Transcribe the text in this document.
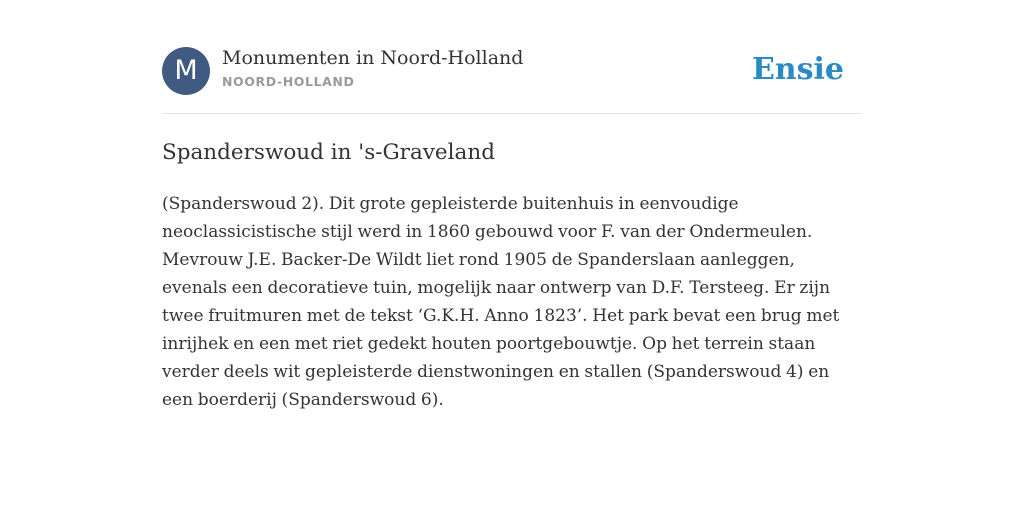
M	Monumenten in Noord-Holland
NOORD-HOLLAND	Ensie
Spanderswoud in 's-Graveland

(Spanderswoud 2). Dit grote gepleisterde buitenhuis in eenvoudige neoclassicistische stijl werd in 1860 gebouwd voor F. van der Ondermeulen. Mevrouw J.E. Backer-De Wildt liet rond 1905 de Spanderslaan aanleggen, evenals een decoratieve tuin, mogelijk naar ontwerp van D.F. Tersteeg. Er zijn twee fruitmuren met de tekst ‘G.K.H. Anno 1823’. Het park bevat een brug met inrijhek en een met riet gedekt houten poortgebouwtje. Op het terrein staan verder deels wit gepleisterde dienstwoningen en stallen (Spanderswoud 4) en een boerderij (Spanderswoud 6).
